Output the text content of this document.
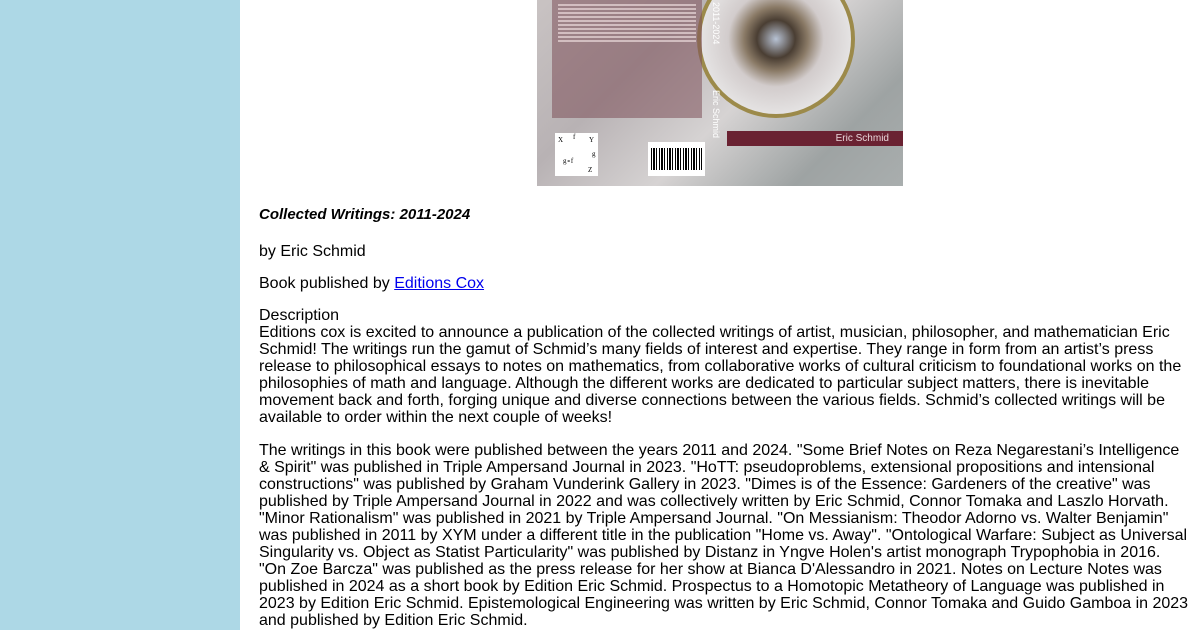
2011-2024
Eric Schmid
Eric Schmid
X f Y
g
g∘f
Z
Collected Writings: 2011-2024
by Eric Schmid
Book published by Editions Cox

Description

Editions cox is excited to announce a publication of the collected writings of artist, musician, philosopher, and mathematician Eric Schmid! The writings run the gamut of Schmid’s many fields of interest and expertise. They range in form from an artist’s press release to philosophical essays to notes on mathematics, from collaborative works of cultural criticism to foundational works on the philosophies of math and language. Although the different works are dedicated to particular subject matters, there is inevitable movement back and forth, forging unique and diverse connections between the various fields. Schmid’s collected writings will be available to order within the next couple of weeks!

The writings in this book were published between the years 2011 and 2024. "Some Brief Notes on Reza Negarestani’s Intelligence & Spirit" was published in Triple Ampersand Journal in 2023. "HoTT: pseudoproblems, extensional propositions and intensional constructions" was published by Graham Vunderink Gallery in 2023. "Dimes is of the Essence: Gardeners of the creative" was published by Triple Ampersand Journal in 2022 and was collectively written by Eric Schmid, Connor Tomaka and Laszlo Horvath. "Minor Rationalism" was published in 2021 by Triple Ampersand Journal. "On Messianism: Theodor Adorno vs. Walter Benjamin" was published in 2011 by XYM under a different title in the publication "Home vs. Away". "Ontological Warfare: Subject as Universal Singularity vs. Object as Statist Particularity" was published by Distanz in Yngve Holen's artist monograph Trypophobia in 2016. "On Zoe Barcza" was published as the press release for her show at Bianca D'Alessandro in 2021. Notes on Lecture Notes was published in 2024 as a short book by Edition Eric Schmid. Prospectus to a Homotopic Metatheory of Language was published in 2023 by Edition Eric Schmid. Epistemological Engineering was written by Eric Schmid, Connor Tomaka and Guido Gamboa in 2023 and published by Edition Eric Schmid.
